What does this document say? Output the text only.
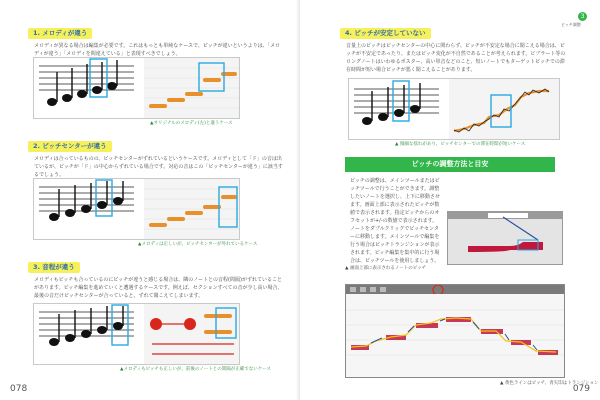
1. メロディが違う
メロディが異なる場合は編集が必要です。これはもっとも単純なケースで、ピッチが違いというよりは、「メロディが違う」「メロディを間違えている」と表現すべきでしょう。
▲オリジナルのメロディ(左)と違うケース
2. ピッチセンターが違う
メロディは合っているものの、ピッチセンターがずれているというケースです。メロディとして「ド」の音は出ているが、ピッチが「ド」の中心からずれている場合です。対応の音はこの「ピッチセンターが違う」に該当するでしょう。
▲メロディは正しいが、ピッチセンターが外れているケース
3. 音程が違う
メロディもピッチも合っているのにピッチが違うと感じる場合は、隣のノートとの音程(間隔)がずれていることがあります。ピッチ編集を進めていくと遭遇するケースです。例えば、セクションすべての音が少し高い場合、最後の音だけピッチセンターが合っていると、ずれて聞こえてしまいます。
▲メロディもピッチも正しいが、前後のノートとの間隔が正確でないケース
078
4. ピッチが安定していない
音量上のピッチはピッチセンターの中心に関わらず、ピッチが不安定な場合に聞こえる場合は、ピッチが不安定であったり、またはピッチ変化が不自然であることが考えられます。ビブラート等のロングノートはいわゆるポスター、高い単音などのこと、短いノートでもターゲットピッチでの滞在時間が短い場合ピッチが悪く聞こえることがあります。
▲ 微細な揺れがあり、ピッチセンターでの滞在時間が短いケース
3
ピッチ調整
ピッチの調整方法と目安
ピッチの調整は、メインツールまたはピッチツールで行うことができます。調整したいノートを選択し、上下に移動させます。画面上部に表示されたピッチが数値で表示されます。指定ピッチからのオフセットが+/-の数値で表示されます。ノートをダブルクリックでピッチセンターに移動します。メインツールで編集を行う場合はピッチトランジションが表示されます。ピッチ編集を集中的に行う場合は、ピッチツールを使用しましょう。
▲ 画面上部に表示されるノートのピッチ
▲ 黄色ラインはピッチ、青矢印はトランジション
079
